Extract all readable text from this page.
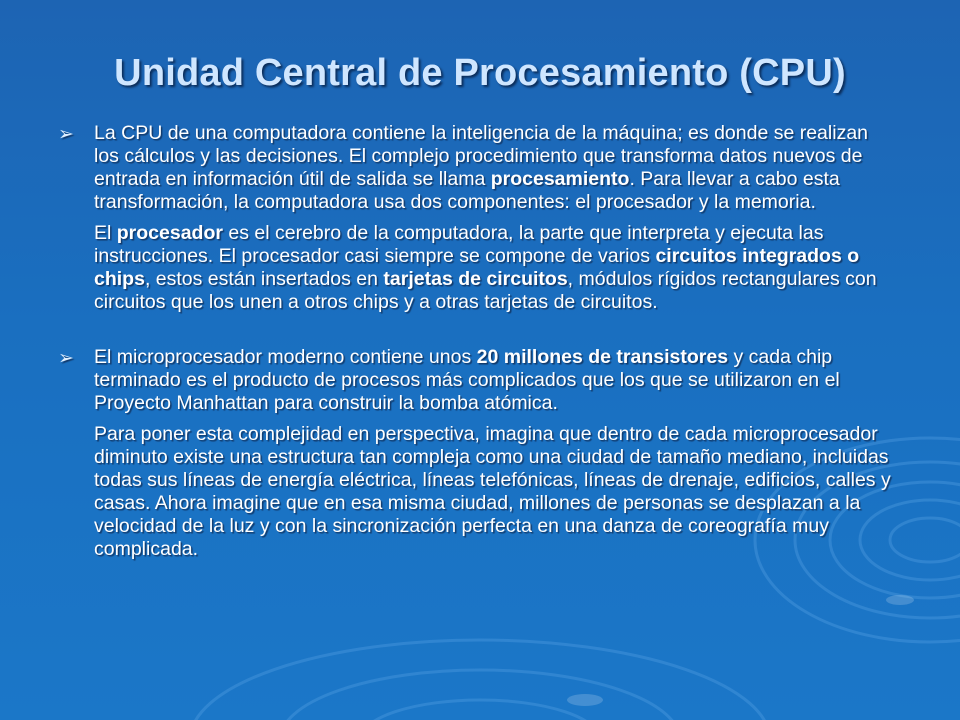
Unidad Central de Procesamiento (CPU)
➢ La CPU de una computadora contiene la inteligencia de la máquina; es donde se realizan los cálculos y las decisiones. El complejo procedimiento que transforma datos nuevos de entrada en información útil de salida se llama procesamiento. Para llevar a cabo esta transformación, la computadora usa dos componentes: el procesador y la memoria.

El procesador es el cerebro de la computadora, la parte que interpreta y ejecuta las instrucciones. El procesador casi siempre se compone de varios circuitos integrados o chips, estos están insertados en tarjetas de circuitos, módulos rígidos rectangulares con circuitos que los unen a otros chips y a otras tarjetas de circuitos.

➢ El microprocesador moderno contiene unos 20 millones de transistores y cada chip terminado es el producto de procesos más complicados que los que se utilizaron en el Proyecto Manhattan para construir la bomba atómica.

Para poner esta complejidad en perspectiva, imagina que dentro de cada microprocesador diminuto existe una estructura tan compleja como una ciudad de tamaño mediano, incluidas todas sus líneas de energía eléctrica, líneas telefónicas, líneas de drenaje, edificios, calles y casas. Ahora imagine que en esa misma ciudad, millones de personas se desplazan a la velocidad de la luz y con la sincronización perfecta en una danza de coreografía muy complicada.
